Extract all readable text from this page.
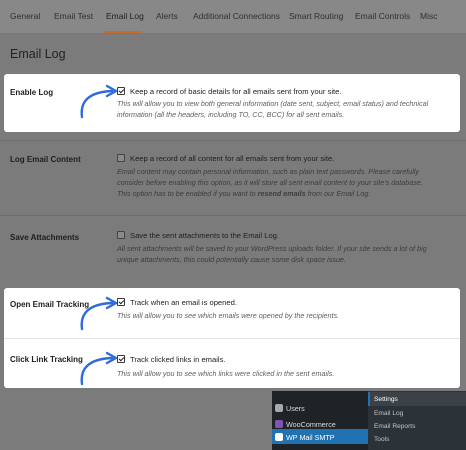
General Email Test Email Log Alerts Additional Connections Smart Routing Email Controls Misc
Email Log
Enable Log	Keep a record of basic details for all emails sent from your site.
This will allow you to view both general information (date sent, subject, email status) and technical
information (all the headers, including TO, CC, BCC) for all sent emails.
Log Email Content	Keep a record of all content for all emails sent from your site.
Email content may contain personal information, such as plain text passwords. Please carefully
consider before enabling this option, as it will store all sent email content to your site's database.
This option has to be enabled if you want to resend emails from our Email Log.
Save Attachments	Save the sent attachments to the Email Log.
All sent attachments will be saved to your WordPress uploads folder. If your site sends a lot of big
unique attachments, this could potentially cause some disk space issue.
Open Email Tracking	Track when an email is opened.
This will allow you to see which emails were opened by the recipients.
Click Link Tracking	Track clicked links in emails.
This will allow you to see which links were clicked in the sent emails.
Users
WooCommerce
WP Mail SMTP
Settings
Email Log
Email Reports
Tools
